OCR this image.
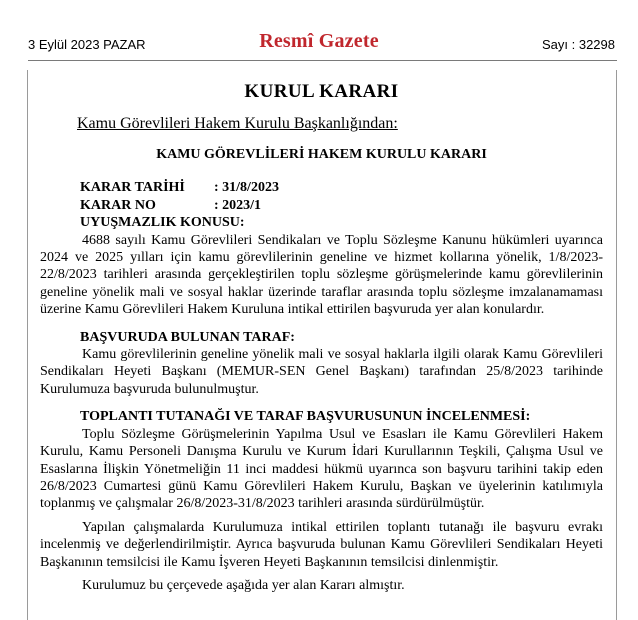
3 Eylül 2023 PAZAR	Resmî Gazete	Sayı : 32298
KURUL KARARI
Kamu Görevlileri Hakem Kurulu Başkanlığından:
KAMU GÖREVLİLERİ HAKEM KURULU KARARI
KARAR TARİHİ	: 31/8/2023
KARAR NO	: 2023/1
UYUŞMAZLIK KONUSU:

4688 sayılı Kamu Görevlileri Sendikaları ve Toplu Sözleşme Kanunu hükümleri uyarınca 2024 ve 2025 yılları için kamu görevlilerinin geneline ve hizmet kollarına yönelik, 1/8/2023-22/8/2023 tarihleri arasında gerçekleştirilen toplu sözleşme görüşmelerinde kamu görevlilerinin geneline yönelik mali ve sosyal haklar üzerinde taraflar arasında toplu sözleşme imzalanamaması üzerine Kamu Görevlileri Hakem Kuruluna intikal ettirilen başvuruda yer alan konulardır.

BAŞVURUDA BULUNAN TARAF:

Kamu görevlilerinin geneline yönelik mali ve sosyal haklarla ilgili olarak Kamu Görevlileri Sendikaları Heyeti Başkanı (MEMUR-SEN Genel Başkanı) tarafından 25/8/2023 tarihinde Kurulumuza başvuruda bulunulmuştur.

TOPLANTI TUTANAĞI VE TARAF BAŞVURUSUNUN İNCELENMESİ:

Toplu Sözleşme Görüşmelerinin Yapılma Usul ve Esasları ile Kamu Görevlileri Hakem Kurulu, Kamu Personeli Danışma Kurulu ve Kurum İdari Kurullarının Teşkili, Çalışma Usul ve Esaslarına İlişkin Yönetmeliğin 11 inci maddesi hükmü uyarınca son başvuru tarihini takip eden 26/8/2023 Cumartesi günü Kamu Görevlileri Hakem Kurulu, Başkan ve üyelerinin katılımıyla toplanmış ve çalışmalar 26/8/2023-31/8/2023 tarihleri arasında sürdürülmüştür.

Yapılan çalışmalarda Kurulumuza intikal ettirilen toplantı tutanağı ile başvuru evrakı incelenmiş ve değerlendirilmiştir. Ayrıca başvuruda bulunan Kamu Görevlileri Sendikaları Heyeti Başkanının temsilcisi ile Kamu İşveren Heyeti Başkanının temsilcisi dinlenmiştir.

Kurulumuz bu çerçevede aşağıda yer alan Kararı almıştır.
